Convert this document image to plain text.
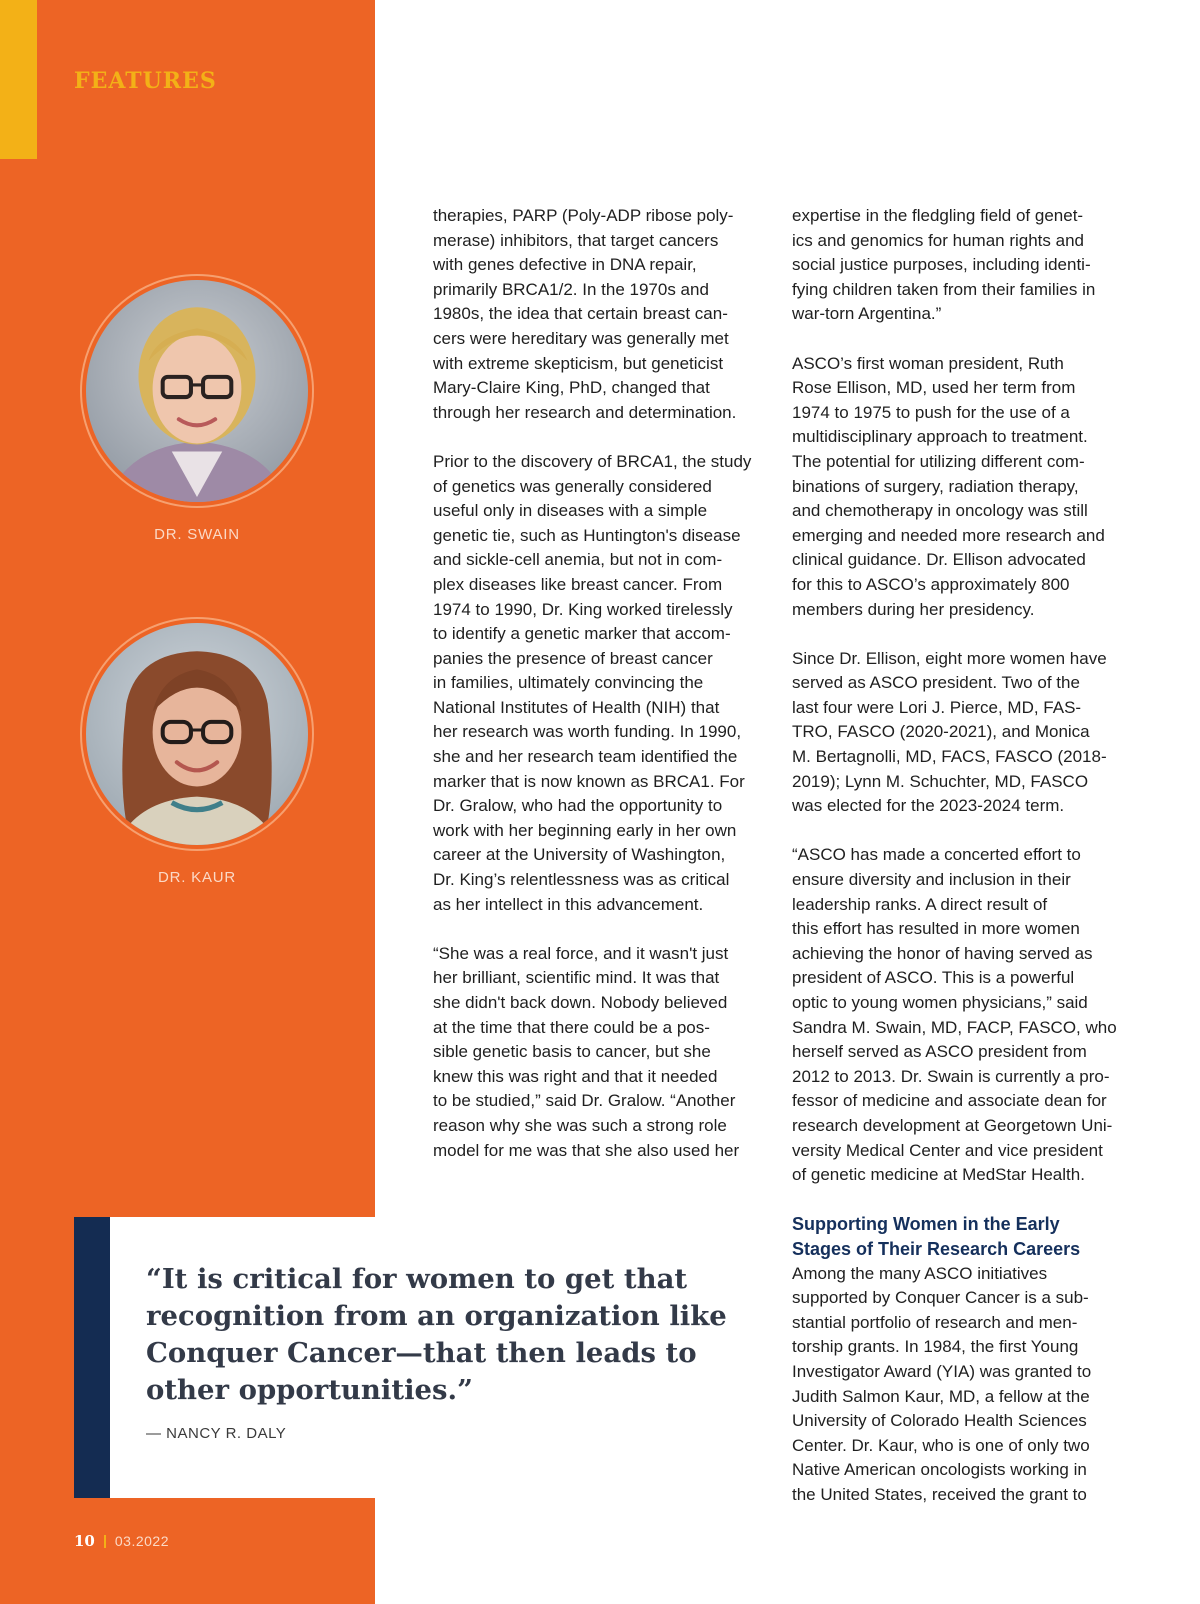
FEATURES
DR. SWAIN
DR. KAUR

therapies, PARP (Poly-ADP ribose poly-
merase) inhibitors, that target cancers
with genes defective in DNA repair,
primarily BRCA1/2. In the 1970s and
1980s, the idea that certain breast can-
cers were hereditary was generally met
with extreme skepticism, but geneticist
Mary-Claire King, PhD, changed that
through her research and determination.

Prior to the discovery of BRCA1, the study
of genetics was generally considered
useful only in diseases with a simple
genetic tie, such as Huntington's disease
and sickle-cell anemia, but not in com-
plex diseases like breast cancer. From
1974 to 1990, Dr. King worked tirelessly
to identify a genetic marker that accom-
panies the presence of breast cancer
in families, ultimately convincing the
National Institutes of Health (NIH) that
her research was worth funding. In 1990,
she and her research team identified the
marker that is now known as BRCA1. For
Dr. Gralow, who had the opportunity to
work with her beginning early in her own
career at the University of Washington,
Dr. King’s relentlessness was as critical
as her intellect in this advancement.

“She was a real force, and it wasn't just
her brilliant, scientific mind. It was that
she didn't back down. Nobody believed
at the time that there could be a pos-
sible genetic basis to cancer, but she
knew this was right and that it needed
to be studied,” said Dr. Gralow. “Another
reason why she was such a strong role
model for me was that she also used her

expertise in the fledgling field of genet-
ics and genomics for human rights and
social justice purposes, including identi-
fying children taken from their families in
war-torn Argentina.”

ASCO’s first woman president, Ruth
Rose Ellison, MD, used her term from
1974 to 1975 to push for the use of a
multidisciplinary approach to treatment.
The potential for utilizing different com-
binations of surgery, radiation therapy,
and chemotherapy in oncology was still
emerging and needed more research and
clinical guidance. Dr. Ellison advocated
for this to ASCO’s approximately 800
members during her presidency.

Since Dr. Ellison, eight more women have
served as ASCO president. Two of the
last four were Lori J. Pierce, MD, FAS-
TRO, FASCO (2020-2021), and Monica
M. Bertagnolli, MD, FACS, FASCO (2018-
2019); Lynn M. Schuchter, MD, FASCO
was elected for the 2023-2024 term.

“ASCO has made a concerted effort to
ensure diversity and inclusion in their
leadership ranks. A direct result of
this effort has resulted in more women
achieving the honor of having served as
president of ASCO. This is a powerful
optic to young women physicians,” said
Sandra M. Swain, MD, FACP, FASCO, who
herself served as ASCO president from
2012 to 2013. Dr. Swain is currently a pro-
fessor of medicine and associate dean for
research development at Georgetown Uni-
versity Medical Center and vice president
of genetic medicine at MedStar Health.

Supporting Women in the Early
Stages of Their Research Careers

Among the many ASCO initiatives
supported by Conquer Cancer is a sub-
stantial portfolio of research and men-
torship grants. In 1984, the first Young
Investigator Award (YIA) was granted to
Judith Salmon Kaur, MD, a fellow at the
University of Colorado Health Sciences
Center. Dr. Kaur, who is one of only two
Native American oncologists working in
the United States, received the grant to

“It is critical for women to get that
recognition from an organization like
Conquer Cancer—that then leads to
other opportunities.”

— NANCY R. DALY
10 03.2022
